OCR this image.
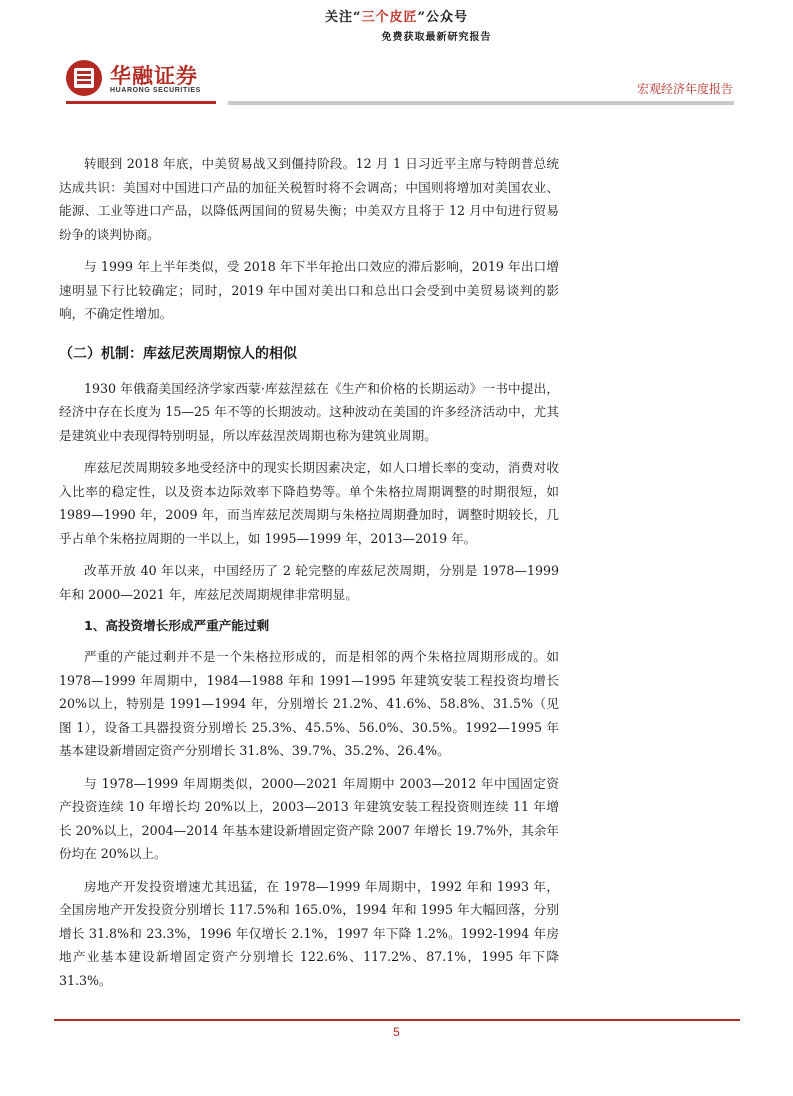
关注“三个皮匠”公众号
免费获取最新研究报告
华融证券
HUARONG SECURITIES	宏观经济年度报告

转眼到 2018 年底，中美贸易战又到僵持阶段。12 月 1 日习近平主席与特朗普总统达成共识：美国对中国进口产品的加征关税暂时将不会调高；中国则将增加对美国农业、能源、工业等进口产品，以降低两国间的贸易失衡；中美双方且将于 12 月中旬进行贸易纷争的谈判协商。

与 1999 年上半年类似，受 2018 年下半年抢出口效应的滞后影响，2019 年出口增速明显下行比较确定；同时，2019 年中国对美出口和总出口会受到中美贸易谈判的影响，不确定性增加。

（二）机制：库兹尼茨周期惊人的相似

1930 年俄裔美国经济学家西蒙·库兹涅兹在《生产和价格的长期运动》一书中提出，经济中存在长度为 15—25 年不等的长期波动。这种波动在美国的许多经济活动中，尤其是建筑业中表现得特别明显，所以库兹涅茨周期也称为建筑业周期。

库兹尼茨周期较多地受经济中的现实长期因素决定，如人口增长率的变动，消费对收入比率的稳定性，以及资本边际效率下降趋势等。单个朱格拉周期调整的时期很短，如 1989—1990 年，2009 年，而当库兹尼茨周期与朱格拉周期叠加时，调整时期较长，几乎占单个朱格拉周期的一半以上，如 1995—1999 年，2013—2019 年。

改革开放 40 年以来，中国经历了 2 轮完整的库兹尼茨周期，分别是 1978—1999 年和 2000—2021 年，库兹尼茨周期规律非常明显。

1、高投资增长形成严重产能过剩

严重的产能过剩并不是一个朱格拉形成的，而是相邻的两个朱格拉周期形成的。如 1978—1999 年周期中，1984—1988 年和 1991—1995 年建筑安装工程投资均增长 20%以上，特别是 1991—1994 年，分别增长 21.2%、41.6%、58.8%、31.5%（见图 1），设备工具器投资分别增长 25.3%、45.5%、56.0%、30.5%。1992—1995 年基本建设新增固定资产分别增长 31.8%、39.7%、35.2%、26.4%。

与 1978—1999 年周期类似，2000—2021 年周期中 2003—2012 年中国固定资产投资连续 10 年增长均 20%以上，2003—2013 年建筑安装工程投资则连续 11 年增长 20%以上，2004—2014 年基本建设新增固定资产除 2007 年增长 19.7%外，其余年份均在 20%以上。

房地产开发投资增速尤其迅猛，在 1978—1999 年周期中，1992 年和 1993 年，全国房地产开发投资分别增长 117.5%和 165.0%，1994 年和 1995 年大幅回落，分别增长 31.8%和 23.3%，1996 年仅增长 2.1%，1997 年下降 1.2%。1992-1994 年房地产业基本建设新增固定资产分别增长 122.6%、117.2%、87.1%，1995 年下降 31.3%。

5
